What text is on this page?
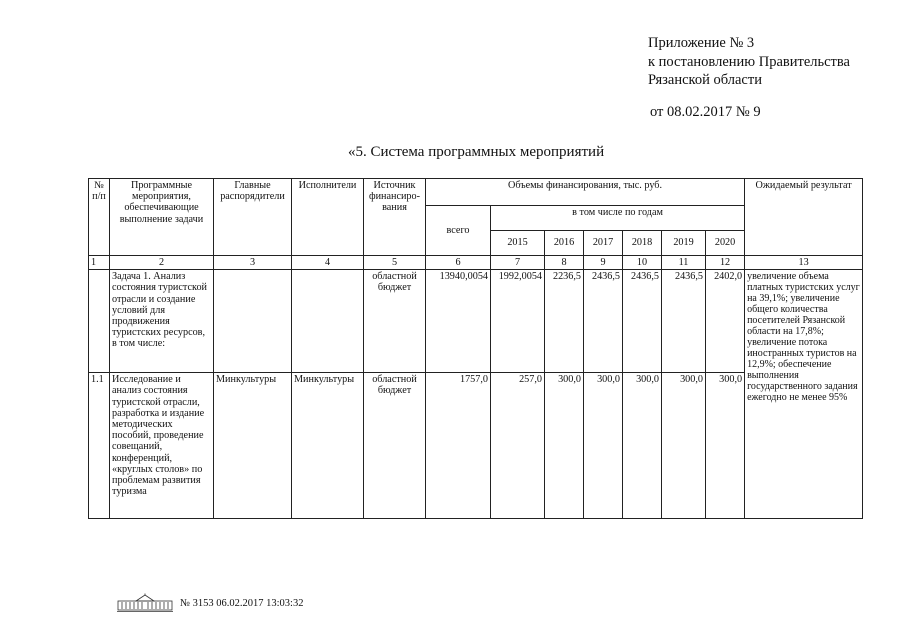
Приложение № 3
к постановлению Правительства
Рязанской области
от 08.02.2017 № 9
«5. Система программных мероприятий
№ п/п	Программные мероприятия, обеспечивающие выполнение задачи	Главные распорядители	Исполнители	Источник финансиро-вания	Объемы финансирования, тыс. руб.							Ожидаемый результат
					всего	в том числе по годам						
						2015	2016	2017	2018	2019	2020	
1	2	3	4	5	6	7	8	9	10	11	12	13
	Задача 1. Анализ состояния туристской отрасли и создание условий для продвижения туристских ресурсов, в том числе:			областной бюджет	13940,0054	1992,0054	2236,5	2436,5	2436,5	2436,5	2402,0	увеличение объема платных туристских услуг на 39,1%; увеличение общего количества посетителей Рязанской области на 17,8%; увеличение потока иностранных туристов на 12,9%; обеспечение выполнения государственного задания ежегодно не менее 95%
1.1	Исследование и анализ состояния туристской отрасли, разработка и издание методических пособий, проведение совещаний, конференций, «круглых столов» по проблемам развития туризма	Минкультуры	Минкультуры	областной бюджет	1757,0	257,0	300,0	300,0	300,0	300,0	300,0	
№ 3153 06.02.2017 13:03:32
